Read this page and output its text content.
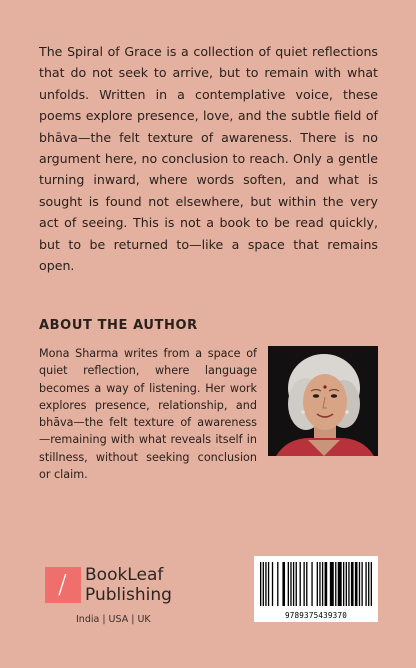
The Spiral of Grace is a collection of quiet reflections that do not seek to arrive, but to remain with what unfolds. Written in a contemplative voice, these poems explore presence, love, and the subtle field of bhāva—the felt texture of awareness. There is no argument here, no conclusion to reach. Only a gentle turning inward, where words soften, and what is sought is found not elsewhere, but within the very act of seeing. This is not a book to be read quickly, but to be returned to—like a space that remains open.

ABOUT THE AUTHOR

Mona Sharma writes from a space of quiet reflection, where language becomes a way of listening. Her work explores presence, relationship, and bhāva—the felt texture of awareness—remaining with what reveals itself in stillness, without seeking conclusion or claim.

/ BookLeaf
Publishing
India | USA | UK	9789375439370
